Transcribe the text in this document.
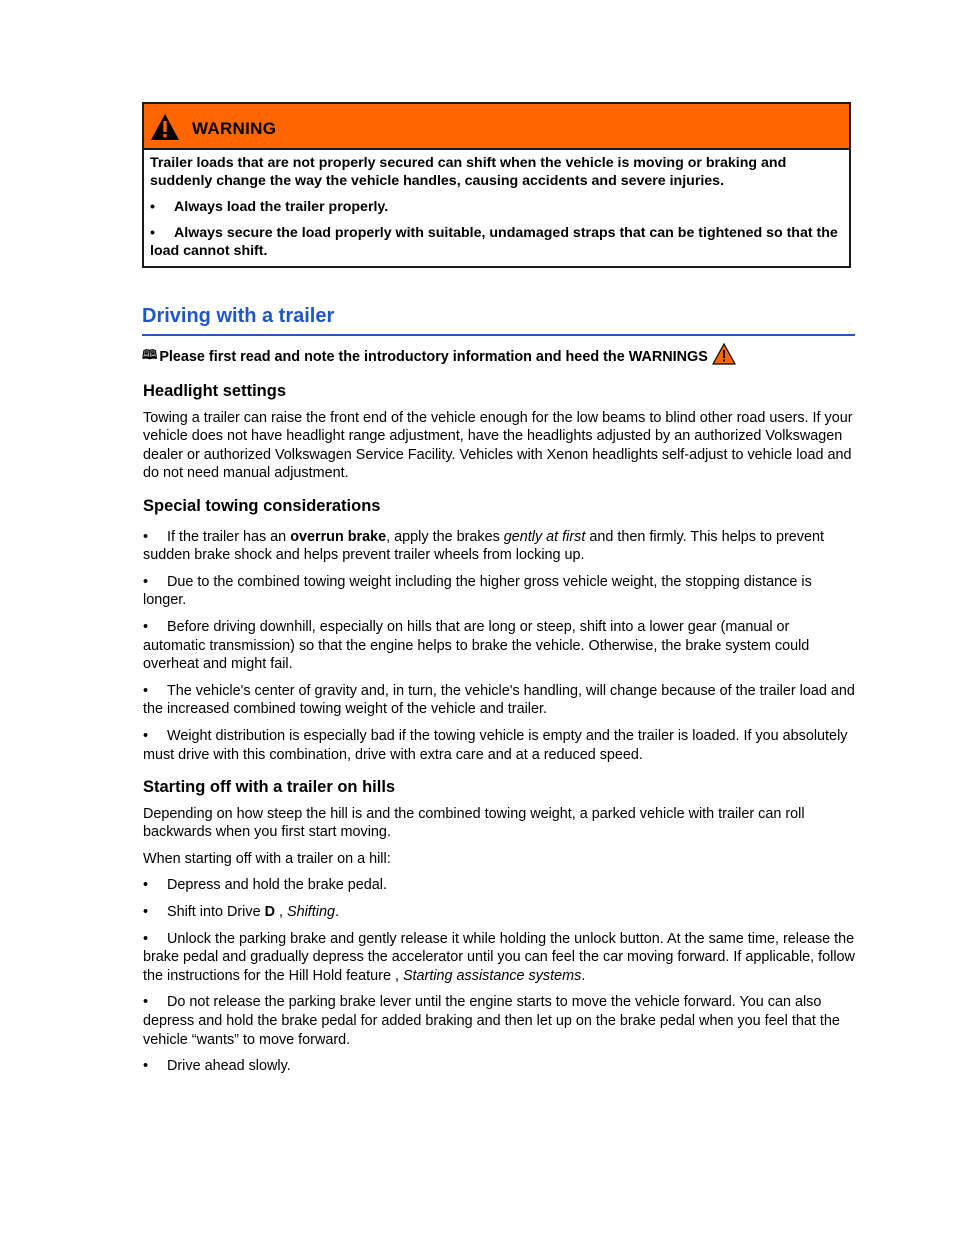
WARNING

Trailer loads that are not properly secured can shift when the vehicle is moving or braking and suddenly change the way the vehicle handles, causing accidents and severe injuries.

• Always load the trailer properly.

• Always secure the load properly with suitable, undamaged straps that can be tightened so that the load cannot shift.

Driving with a trailer
🕮 Please first read and note the introductory information and heed the WARNINGS
Headlight settings

Towing a trailer can raise the front end of the vehicle enough for the low beams to blind other road users. If your vehicle does not have headlight range adjustment, have the headlights adjusted by an authorized Volkswagen dealer or authorized Volkswagen Service Facility. Vehicles with Xenon headlights self-adjust to vehicle load and do not need manual adjustment.

Special towing considerations

• If the trailer has an overrun brake, apply the brakes gently at first and then firmly. This helps to prevent sudden brake shock and helps prevent trailer wheels from locking up.

• Due to the combined towing weight including the higher gross vehicle weight, the stopping distance is longer.

• Before driving downhill, especially on hills that are long or steep, shift into a lower gear (manual or automatic transmission) so that the engine helps to brake the vehicle. Otherwise, the brake system could overheat and might fail.

• The vehicle's center of gravity and, in turn, the vehicle's handling, will change because of the trailer load and the increased combined towing weight of the vehicle and trailer.

• Weight distribution is especially bad if the towing vehicle is empty and the trailer is loaded. If you absolutely must drive with this combination, drive with extra care and at a reduced speed.

Starting off with a trailer on hills

Depending on how steep the hill is and the combined towing weight, a parked vehicle with trailer can roll backwards when you first start moving.

When starting off with a trailer on a hill:

• Depress and hold the brake pedal.

• Shift into Drive D , Shifting.

• Unlock the parking brake and gently release it while holding the unlock button. At the same time, release the brake pedal and gradually depress the accelerator until you can feel the car moving forward. If applicable, follow the instructions for the Hill Hold feature , Starting assistance systems.

• Do not release the parking brake lever until the engine starts to move the vehicle forward. You can also depress and hold the brake pedal for added braking and then let up on the brake pedal when you feel that the vehicle “wants” to move forward.

• Drive ahead slowly.
